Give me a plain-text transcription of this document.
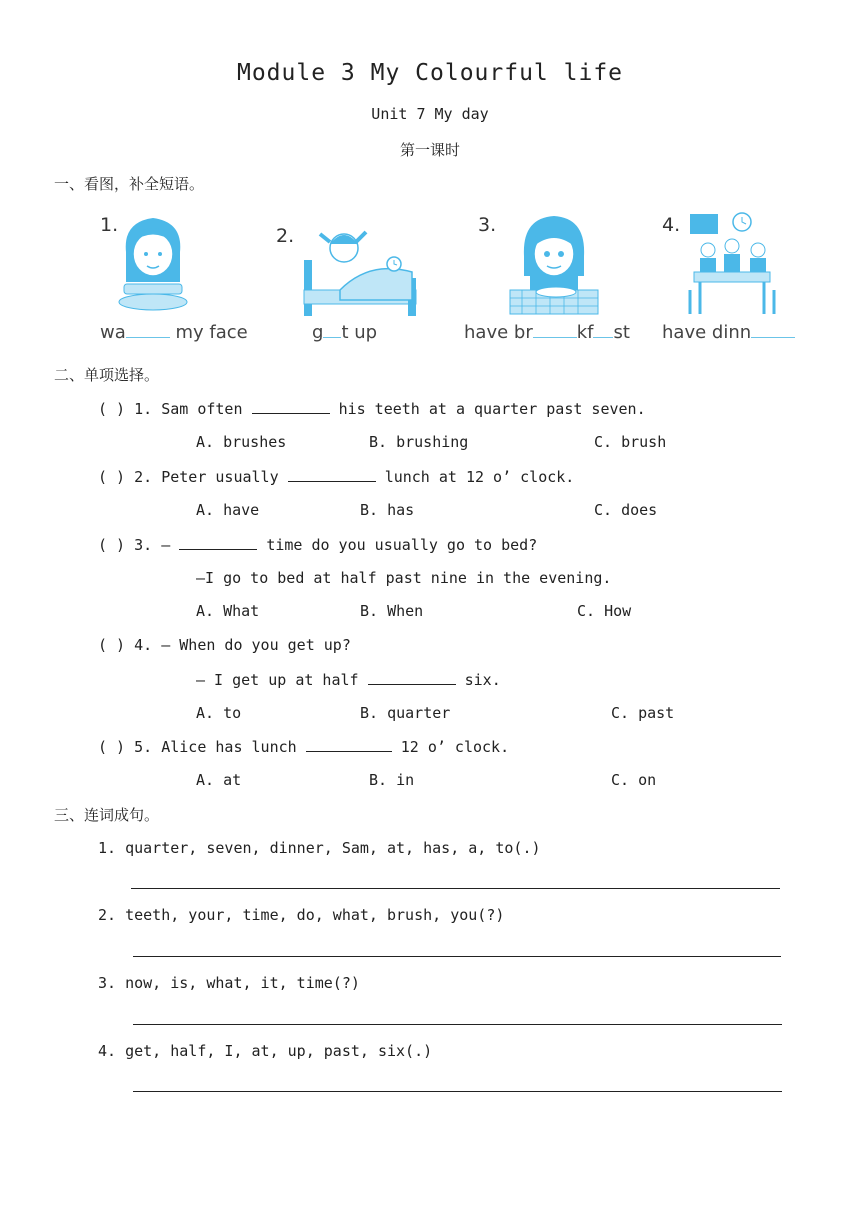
Module 3 My Colourful life
Unit 7 My day
第一课时
一、看图，补全短语。
1.
wa my face
2.
g t up
3.
have br kf st
4.
have dinn
二、单项选择。
( ) 1. Sam often	his teeth at a quarter past seven.
A. brushes	B. brushing	C. brush
( ) 2. Peter usually	lunch at 12 o’ clock.
A. have	B. has	C. does
( ) 3. —	time do you usually go to bed?
—I go to bed at half past nine in the evening.
A. What	B. When	C. How
( ) 4. — When do you get up?
— I get up at half	six.
A. to	B. quarter	C. past
( ) 5. Alice has lunch	12 o’ clock.
A. at	B. in	C. on
三、连词成句。
1. quarter, seven, dinner, Sam, at, has, a, to(.)
2. teeth, your, time, do, what, brush, you(?)
3. now, is, what, it, time(?)
4. get, half, I, at, up, past, six(.)
